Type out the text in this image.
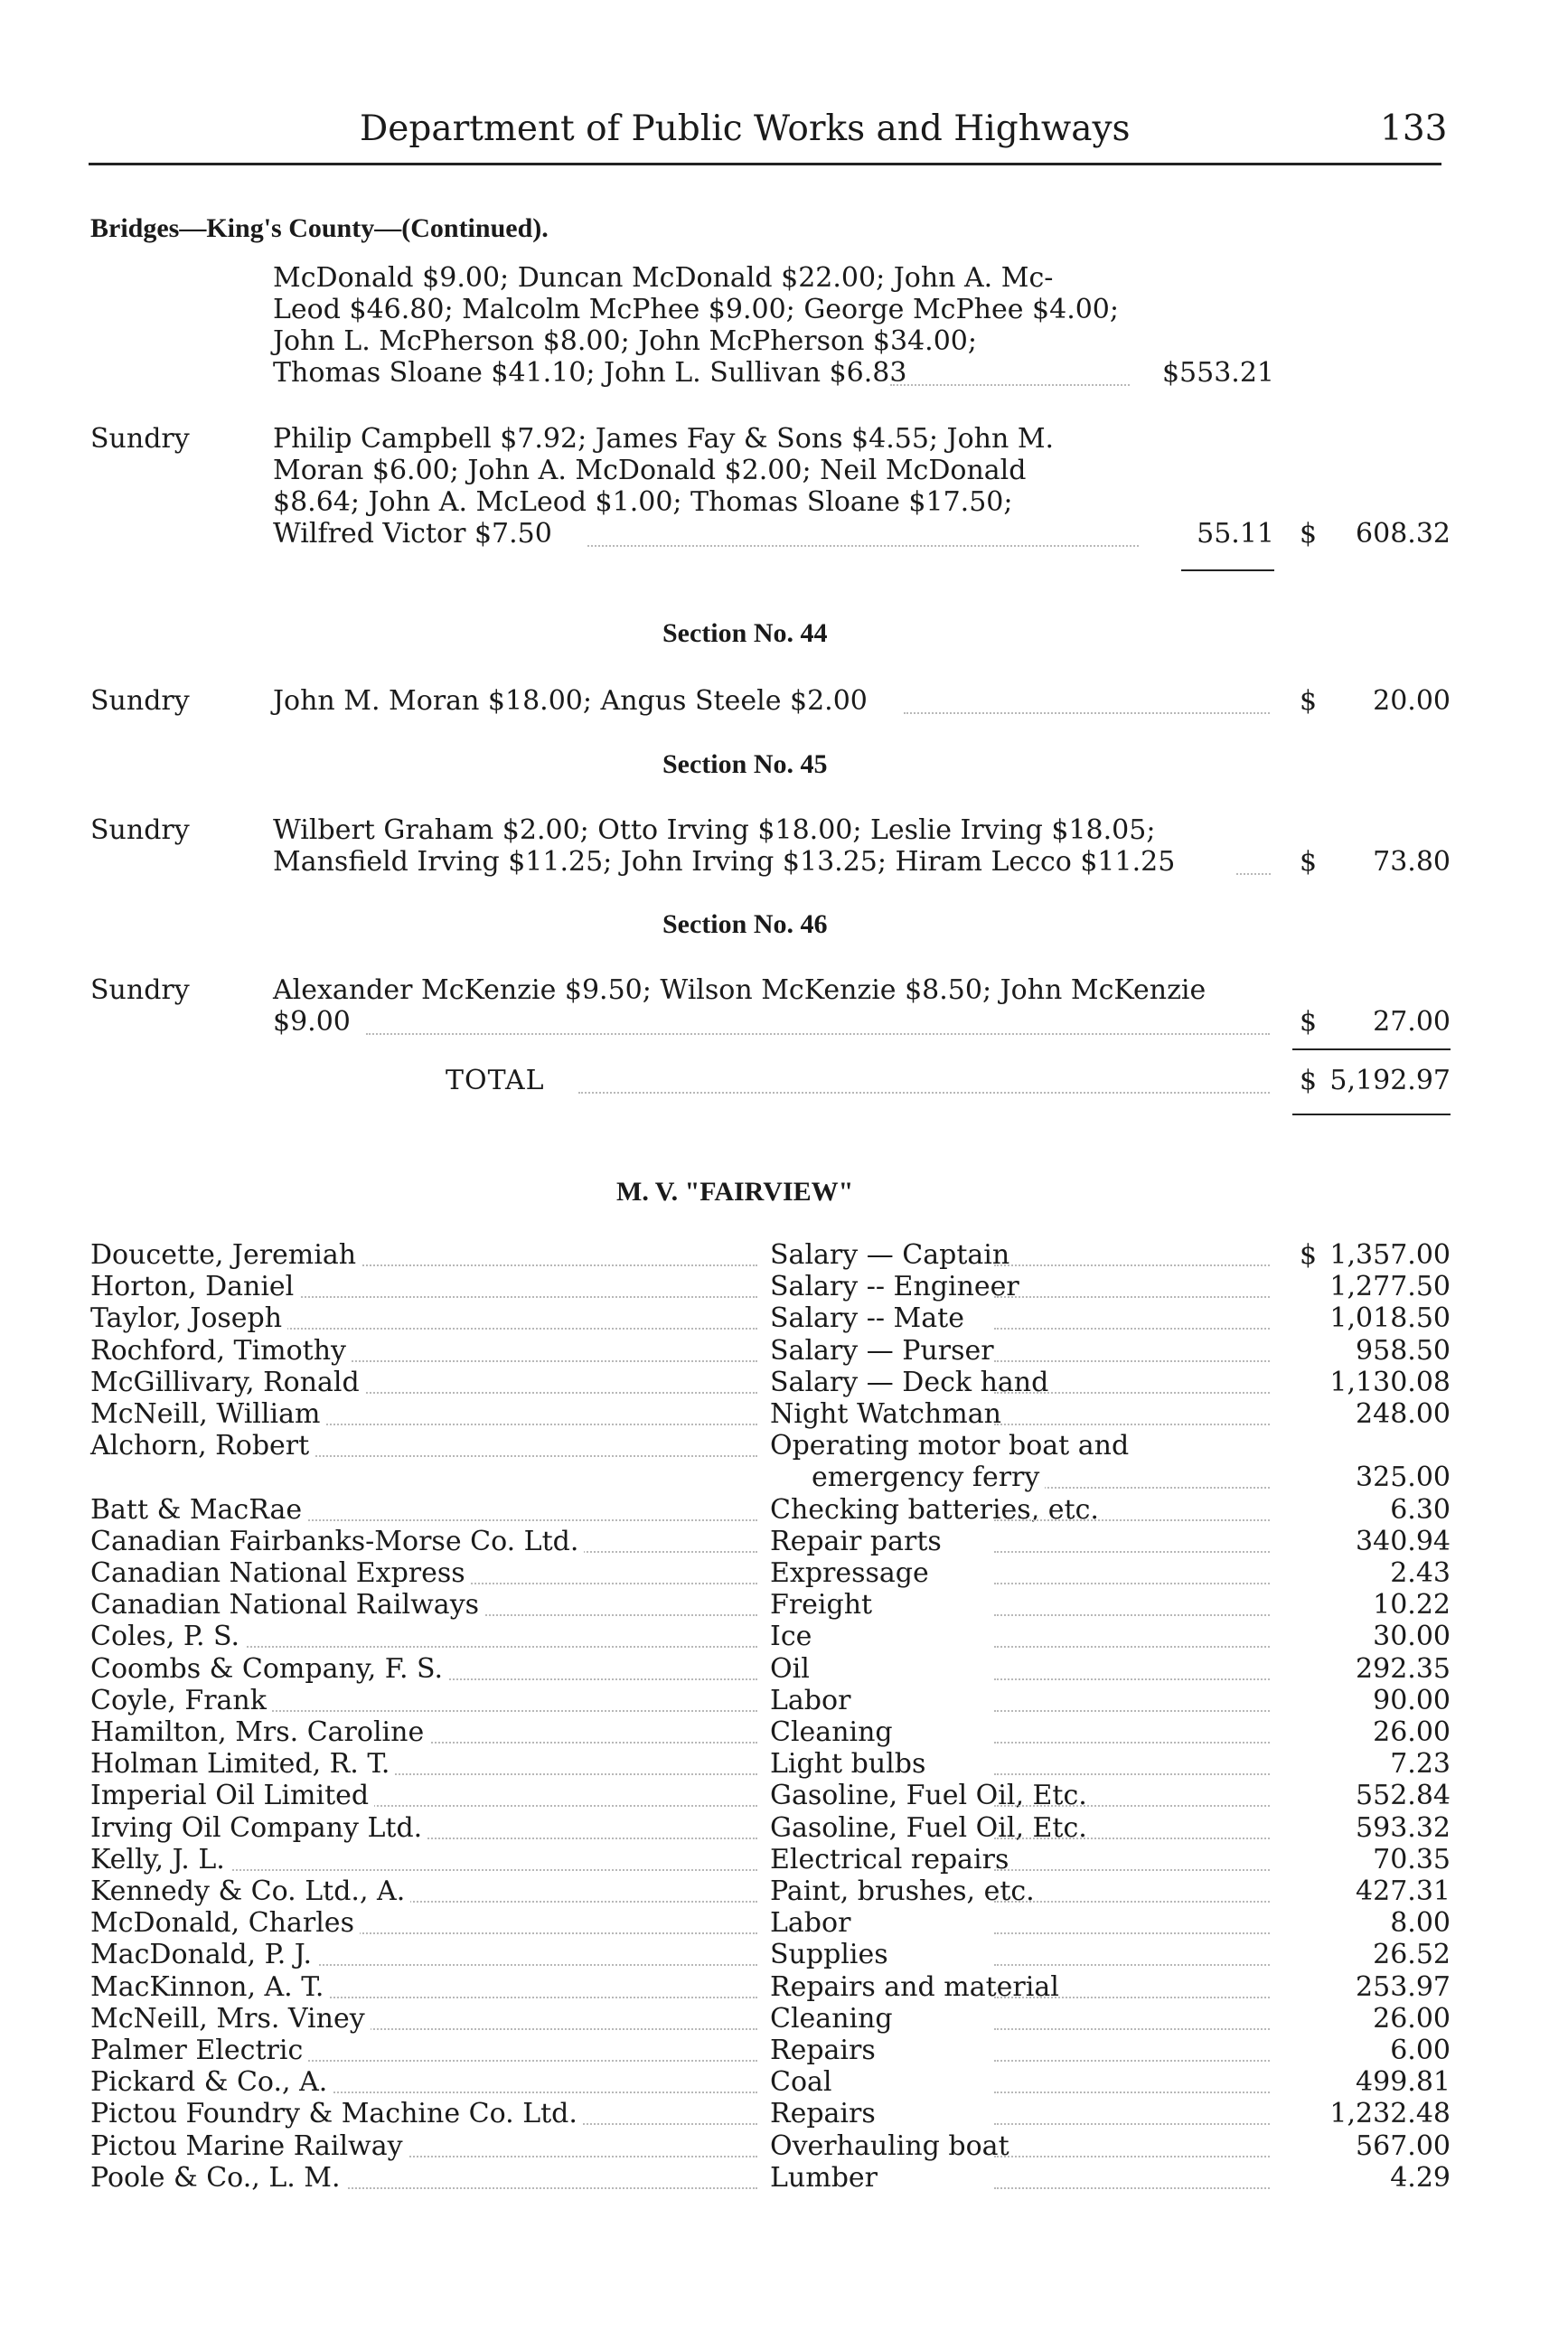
Department of Public Works and Highways	133
Bridges—King's County—(Continued).
McDonald $9.00; Duncan McDonald $22.00; John A. Mc-
Leod $46.80; Malcolm McPhee $9.00; George McPhee $4.00;
John L. McPherson $8.00; John McPherson $34.00;
Thomas Sloane $41.10; John L. Sullivan $6.83	$553.21
Sundry	Philip Campbell $7.92; James Fay & Sons $4.55; John M.
Moran $6.00; John A. McDonald $2.00; Neil McDonald
$8.64; John A. McLeod $1.00; Thomas Sloane $17.50;
Wilfred Victor $7.50	55.11 $	608.32
Section No. 44
Sundry	John M. Moran $18.00; Angus Steele $2.00	$	20.00
Section No. 45
Sundry	Wilbert Graham $2.00; Otto Irving $18.00; Leslie Irving $18.05;
Mansfield Irving $11.25; John Irving $13.25; Hiram Lecco $11.25	$	73.80
Section No. 46
Sundry	Alexander McKenzie $9.50; Wilson McKenzie $8.50; John McKenzie
$9.00	$	27.00
TOTAL	$ 5,192.97
M. V. "FAIRVIEW"
Doucette, Jeremiah	Salary — Captain	$ 1,357.00
Horton, Daniel	Salary -- Engineer	1,277.50
Taylor, Joseph	Salary -- Mate	1,018.50
Rochford, Timothy	Salary — Purser	958.50
McGillivary, Ronald	Salary — Deck hand	1,130.08
McNeill, William	Night Watchman	248.00
Alchorn, Robert	Operating motor boat and
emergency ferry	325.00
Batt & MacRae	Checking batteries, etc.	6.30
Canadian Fairbanks-Morse Co. Ltd.	Repair parts	340.94
Canadian National Express	Expressage	2.43
Canadian National Railways	Freight	10.22
Coles, P. S.	Ice	30.00
Coombs & Company, F. S.	Oil	292.35
Coyle, Frank	Labor	90.00
Hamilton, Mrs. Caroline	Cleaning	26.00
Holman Limited, R. T.	Light bulbs	7.23
Imperial Oil Limited	Gasoline, Fuel Oil, Etc.	552.84
Irving Oil Company Ltd.	Gasoline, Fuel Oil, Etc.	593.32
Kelly, J. L.	Electrical repairs	70.35
Kennedy & Co. Ltd., A.	Paint, brushes, etc.	427.31
McDonald, Charles	Labor	8.00
MacDonald, P. J.	Supplies	26.52
MacKinnon, A. T.	Repairs and material	253.97
McNeill, Mrs. Viney	Cleaning	26.00
Palmer Electric	Repairs	6.00
Pickard & Co., A.	Coal	499.81
Pictou Foundry & Machine Co. Ltd.	Repairs	1,232.48
Pictou Marine Railway	Overhauling boat	567.00
Poole & Co., L. M.	Lumber	4.29
